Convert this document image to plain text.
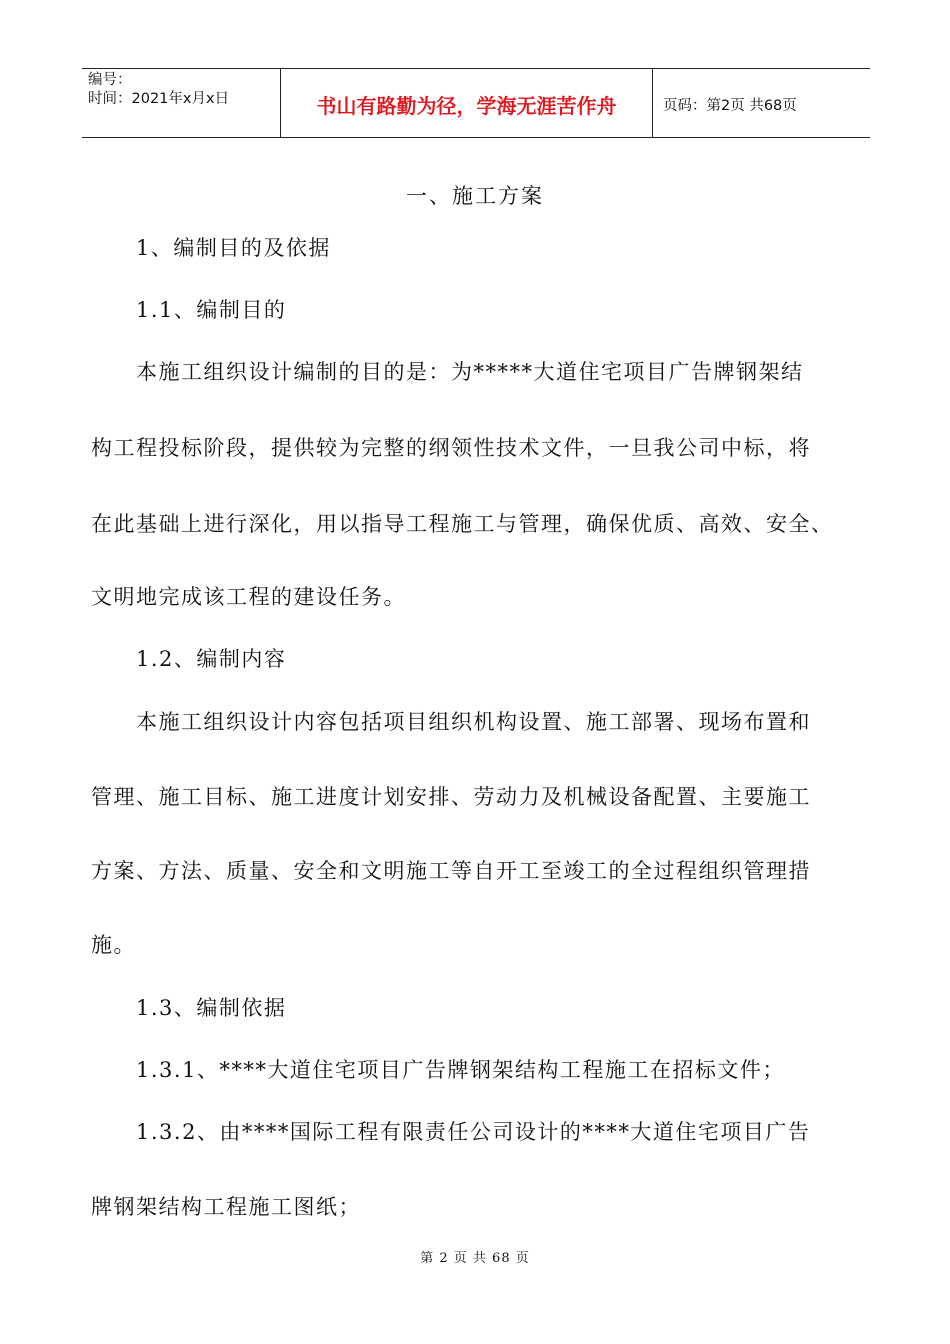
编号：
时间：2021年x月x日	书山有路勤为径，学海无涯苦作舟	页码：第2页 共68页
一、施工方案
1、编制目的及依据
1.1、编制目的
本施工组织设计编制的目的是：为*****大道住宅项目广告牌钢架结
构工程投标阶段，提供较为完整的纲领性技术文件，一旦我公司中标，将
在此基础上进行深化，用以指导工程施工与管理，确保优质、高效、安全、
文明地完成该工程的建设任务。
1.2、编制内容
本施工组织设计内容包括项目组织机构设置、施工部署、现场布置和
管理、施工目标、施工进度计划安排、劳动力及机械设备配置、主要施工
方案、方法、质量、安全和文明施工等自开工至竣工的全过程组织管理措
施。
1.3、编制依据
1.3.1、****大道住宅项目广告牌钢架结构工程施工在招标文件；
1.3.2、由****国际工程有限责任公司设计的****大道住宅项目广告
牌钢架结构工程施工图纸；
第 2 页 共 68 页
